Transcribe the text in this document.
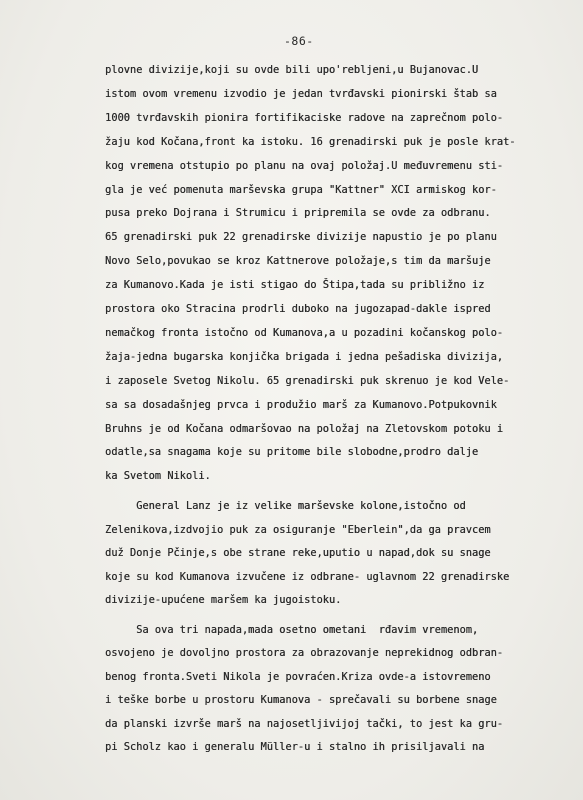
-86-
plovne divizije,koji su ovde bili upo'rebljeni,u Bujanovac.U
istom ovom vremenu izvodio je jedan tvrđavski pionirski štab sa
1000 tvrđavskih pionira fortifikaciske radove na zaprečnom polo-
žaju kod Kočana,front ka istoku. 16 grenadirski puk je posle krat-
kog vremena otstupio po planu na ovaj položaj.U međuvremenu sti-
gla je već pomenuta marševska grupa "Kattner" XCI armiskog kor-
pusa preko Dojrana i Strumicu i pripremila se ovde za odbranu.
65 grenadirski puk 22 grenadirske divizije napustio je po planu
Novo Selo,povukao se kroz Kattnerove položaje,s tim da maršuje
za Kumanovo.Kada je isti stigao do Štipa,tada su približno iz
prostora oko Stracina prodrli duboko na jugozapad-dakle ispred
nemačkog fronta istočno od Kumanova,a u pozadini kočanskog polo-
žaja-jedna bugarska konjička brigada i jedna pešadiska divizija,
i zaposele Svetog Nikolu. 65 grenadirski puk skrenuo je kod Vele-
sa sa dosadašnjeg prvca i produžio marš za Kumanovo.Potpukovnik
Bruhns je od Kočana odmaršovao na položaj na Zletovskom potoku i
odatle,sa snagama koje su pritome bile slobodne,prodro dalje
ka Svetom Nikoli.
General Lanz je iz velike marševske kolone,istočno od
Zelenikova,izdvojio puk za osiguranje "Eberlein",da ga pravcem
duž Donje Pčinje,s obe strane reke,uputio u napad,dok su snage
koje su kod Kumanova izvučene iz odbrane- uglavnom 22 grenadirske
divizije-upućene maršem ka jugoistoku.
Sa ova tri napada,mada osetno ometani  rđavim vremenom,
osvojeno je dovoljno prostora za obrazovanje neprekidnog odbran-
benog fronta.Sveti Nikola je povraćen.Kriza ovde-a istovremeno
i teške borbe u prostoru Kumanova - sprečavali su borbene snage
da planski izvrše marš na najosetljivijoj tački, to jest ka gru-
pi Scholz kao i generalu Müller-u i stalno ih prisiljavali na
